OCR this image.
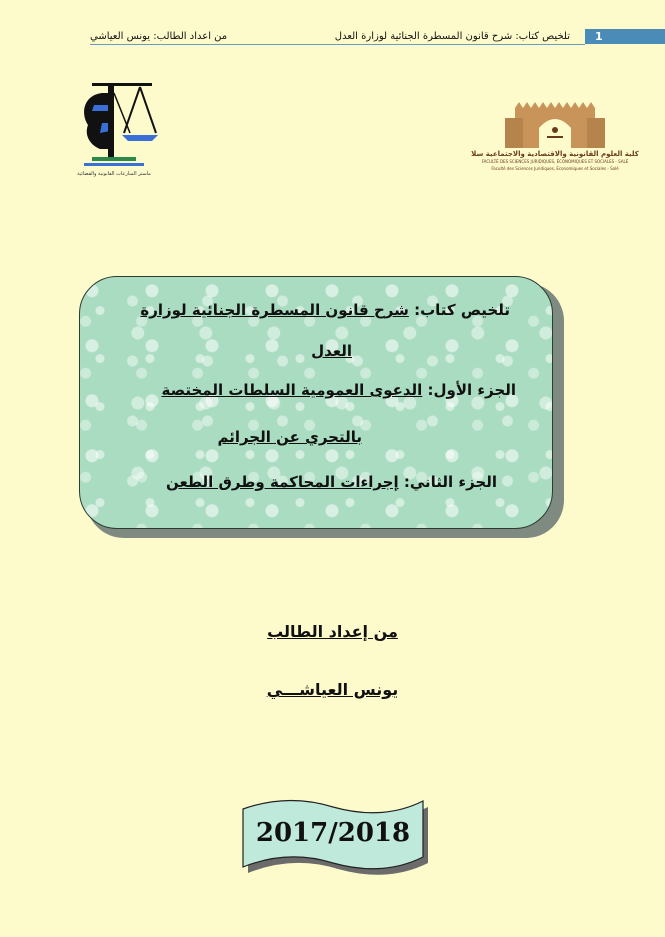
من اعداد الطالب: يونس العياشي	تلخيص كتاب: شرح قانون المسطرة الجنائية لوزارة العدل 1
ماستر المنازعات القانونية والقضائية
كلية العلوم القانونية والاقتصادية والاجتماعية سلا
FACULTÉ DES SCIENCES JURIDIQUES, ÉCONOMIQUES ET SOCIALES - SALÉ
Faculté des Sciences Juridiques, Economiques et Sociales - Salé
تلخيص كتاب: شرح قانون المسطرة الجنائية لوزارة
العدل
الجزء الأول: الدعوى العمومية السلطات المختصة
بالتحري عن الجرائم
الجزء الثاني: إجراءات المحاكمة وطرق الطعن
من إعداد الطالب
يونس العياشـــي
2017/2018
